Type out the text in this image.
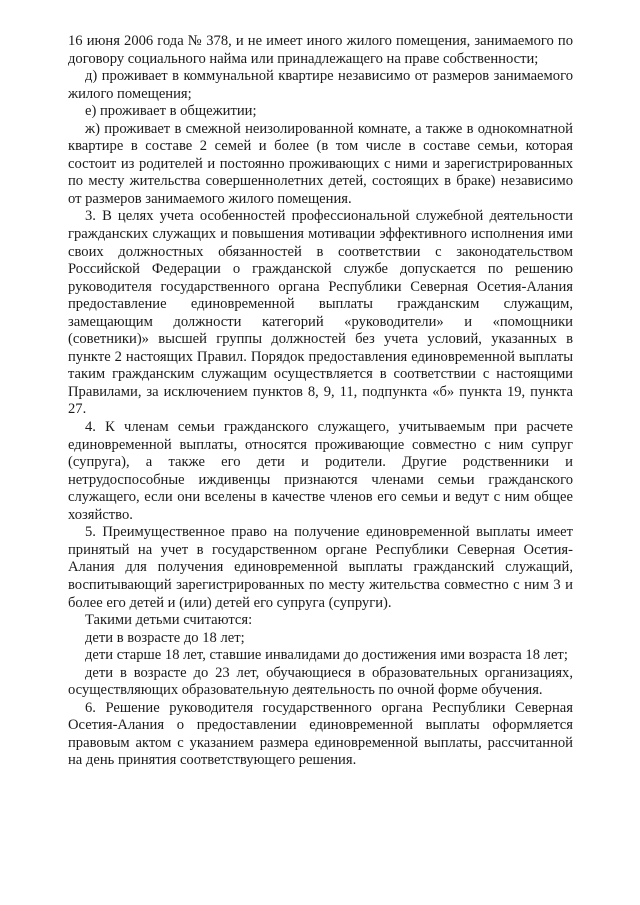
16 июня 2006 года № 378, и не имеет иного жилого помещения, занимаемого по договору социального найма или принадлежащего на праве собственности;

д) проживает в коммунальной квартире независимо от размеров занимаемого жилого помещения;

е) проживает в общежитии;

ж) проживает в смежной неизолированной комнате, а также в однокомнатной квартире в составе 2 семей и более (в том числе в составе семьи, которая состоит из родителей и постоянно проживающих с ними и зарегистрированных по месту жительства совершеннолетних детей, состоящих в браке) независимо от размеров занимаемого жилого помещения.

3. В целях учета особенностей профессиональной служебной деятельности гражданских служащих и повышения мотивации эффективного исполнения ими своих должностных обязанностей в соответствии с законодательством Российской Федерации о гражданской службе допускается по решению руководителя государственного органа Республики Северная Осетия-Алания предоставление единовременной выплаты гражданским служащим, замещающим должности категорий «руководители» и «помощники (советники)» высшей группы должностей без учета условий, указанных в пункте 2 настоящих Правил. Порядок предоставления единовременной выплаты таким гражданским служащим осуществляется в соответствии с настоящими Правилами, за исключением пунктов 8, 9, 11, подпункта «б» пункта 19, пункта 27.

4. К членам семьи гражданского служащего, учитываемым при расчете единовременной выплаты, относятся проживающие совместно с ним супруг (супруга), а также его дети и родители. Другие родственники и нетрудоспособные иждивенцы признаются членами семьи гражданского служащего, если они вселены в качестве членов его семьи и ведут с ним общее хозяйство.

5. Преимущественное право на получение единовременной выплаты имеет принятый на учет в государственном органе Республики Северная Осетия-Алания для получения единовременной выплаты гражданский служащий, воспитывающий зарегистрированных по месту жительства совместно с ним 3 и более его детей и (или) детей его супруга (супруги).

Такими детьми считаются:

дети в возрасте до 18 лет;

дети старше 18 лет, ставшие инвалидами до достижения ими возраста 18 лет;

дети в возрасте до 23 лет, обучающиеся в образовательных организациях, осуществляющих образовательную деятельность по очной форме обучения.

6. Решение руководителя государственного органа Республики Северная Осетия-Алания о предоставлении единовременной выплаты оформляется правовым актом с указанием размера единовременной выплаты, рассчитанной на день принятия соответствующего решения.
